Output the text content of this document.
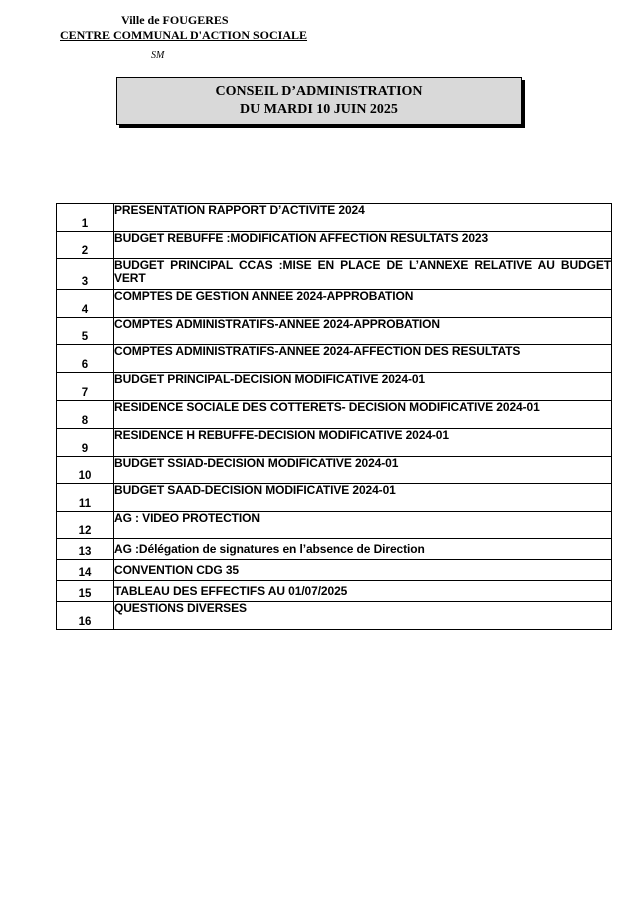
Ville de FOUGERES
CENTRE COMMUNAL D'ACTION SOCIALE
SM
CONSEIL D’ADMINISTRATION
DU MARDI 10 JUIN 2025
1	PRESENTATION RAPPORT D’ACTIVITE 2024
2	BUDGET REBUFFE :MODIFICATION AFFECTION RESULTATS 2023
3	BUDGET PRINCIPAL CCAS :MISE EN PLACE DE L’ANNEXE RELATIVE AU BUDGET VERT
4	COMPTES DE GESTION ANNEE 2024-APPROBATION
5	COMPTES ADMINISTRATIFS-ANNEE 2024-APPROBATION
6	COMPTES ADMINISTRATIFS-ANNEE 2024-AFFECTION DES RESULTATS
7	BUDGET PRINCIPAL-DECISION MODIFICATIVE 2024-01
8	RESIDENCE SOCIALE DES COTTERETS- DECISION MODIFICATIVE 2024-01
9	RESIDENCE H REBUFFE-DECISION MODIFICATIVE 2024-01
10	BUDGET SSIAD-DECISION MODIFICATIVE 2024-01
11	BUDGET SAAD-DECISION MODIFICATIVE 2024-01
12	AG : VIDEO PROTECTION
13	AG :Délégation de signatures en l’absence de Direction
14	CONVENTION CDG 35
15	TABLEAU DES EFFECTIFS AU 01/07/2025
16	QUESTIONS DIVERSES
